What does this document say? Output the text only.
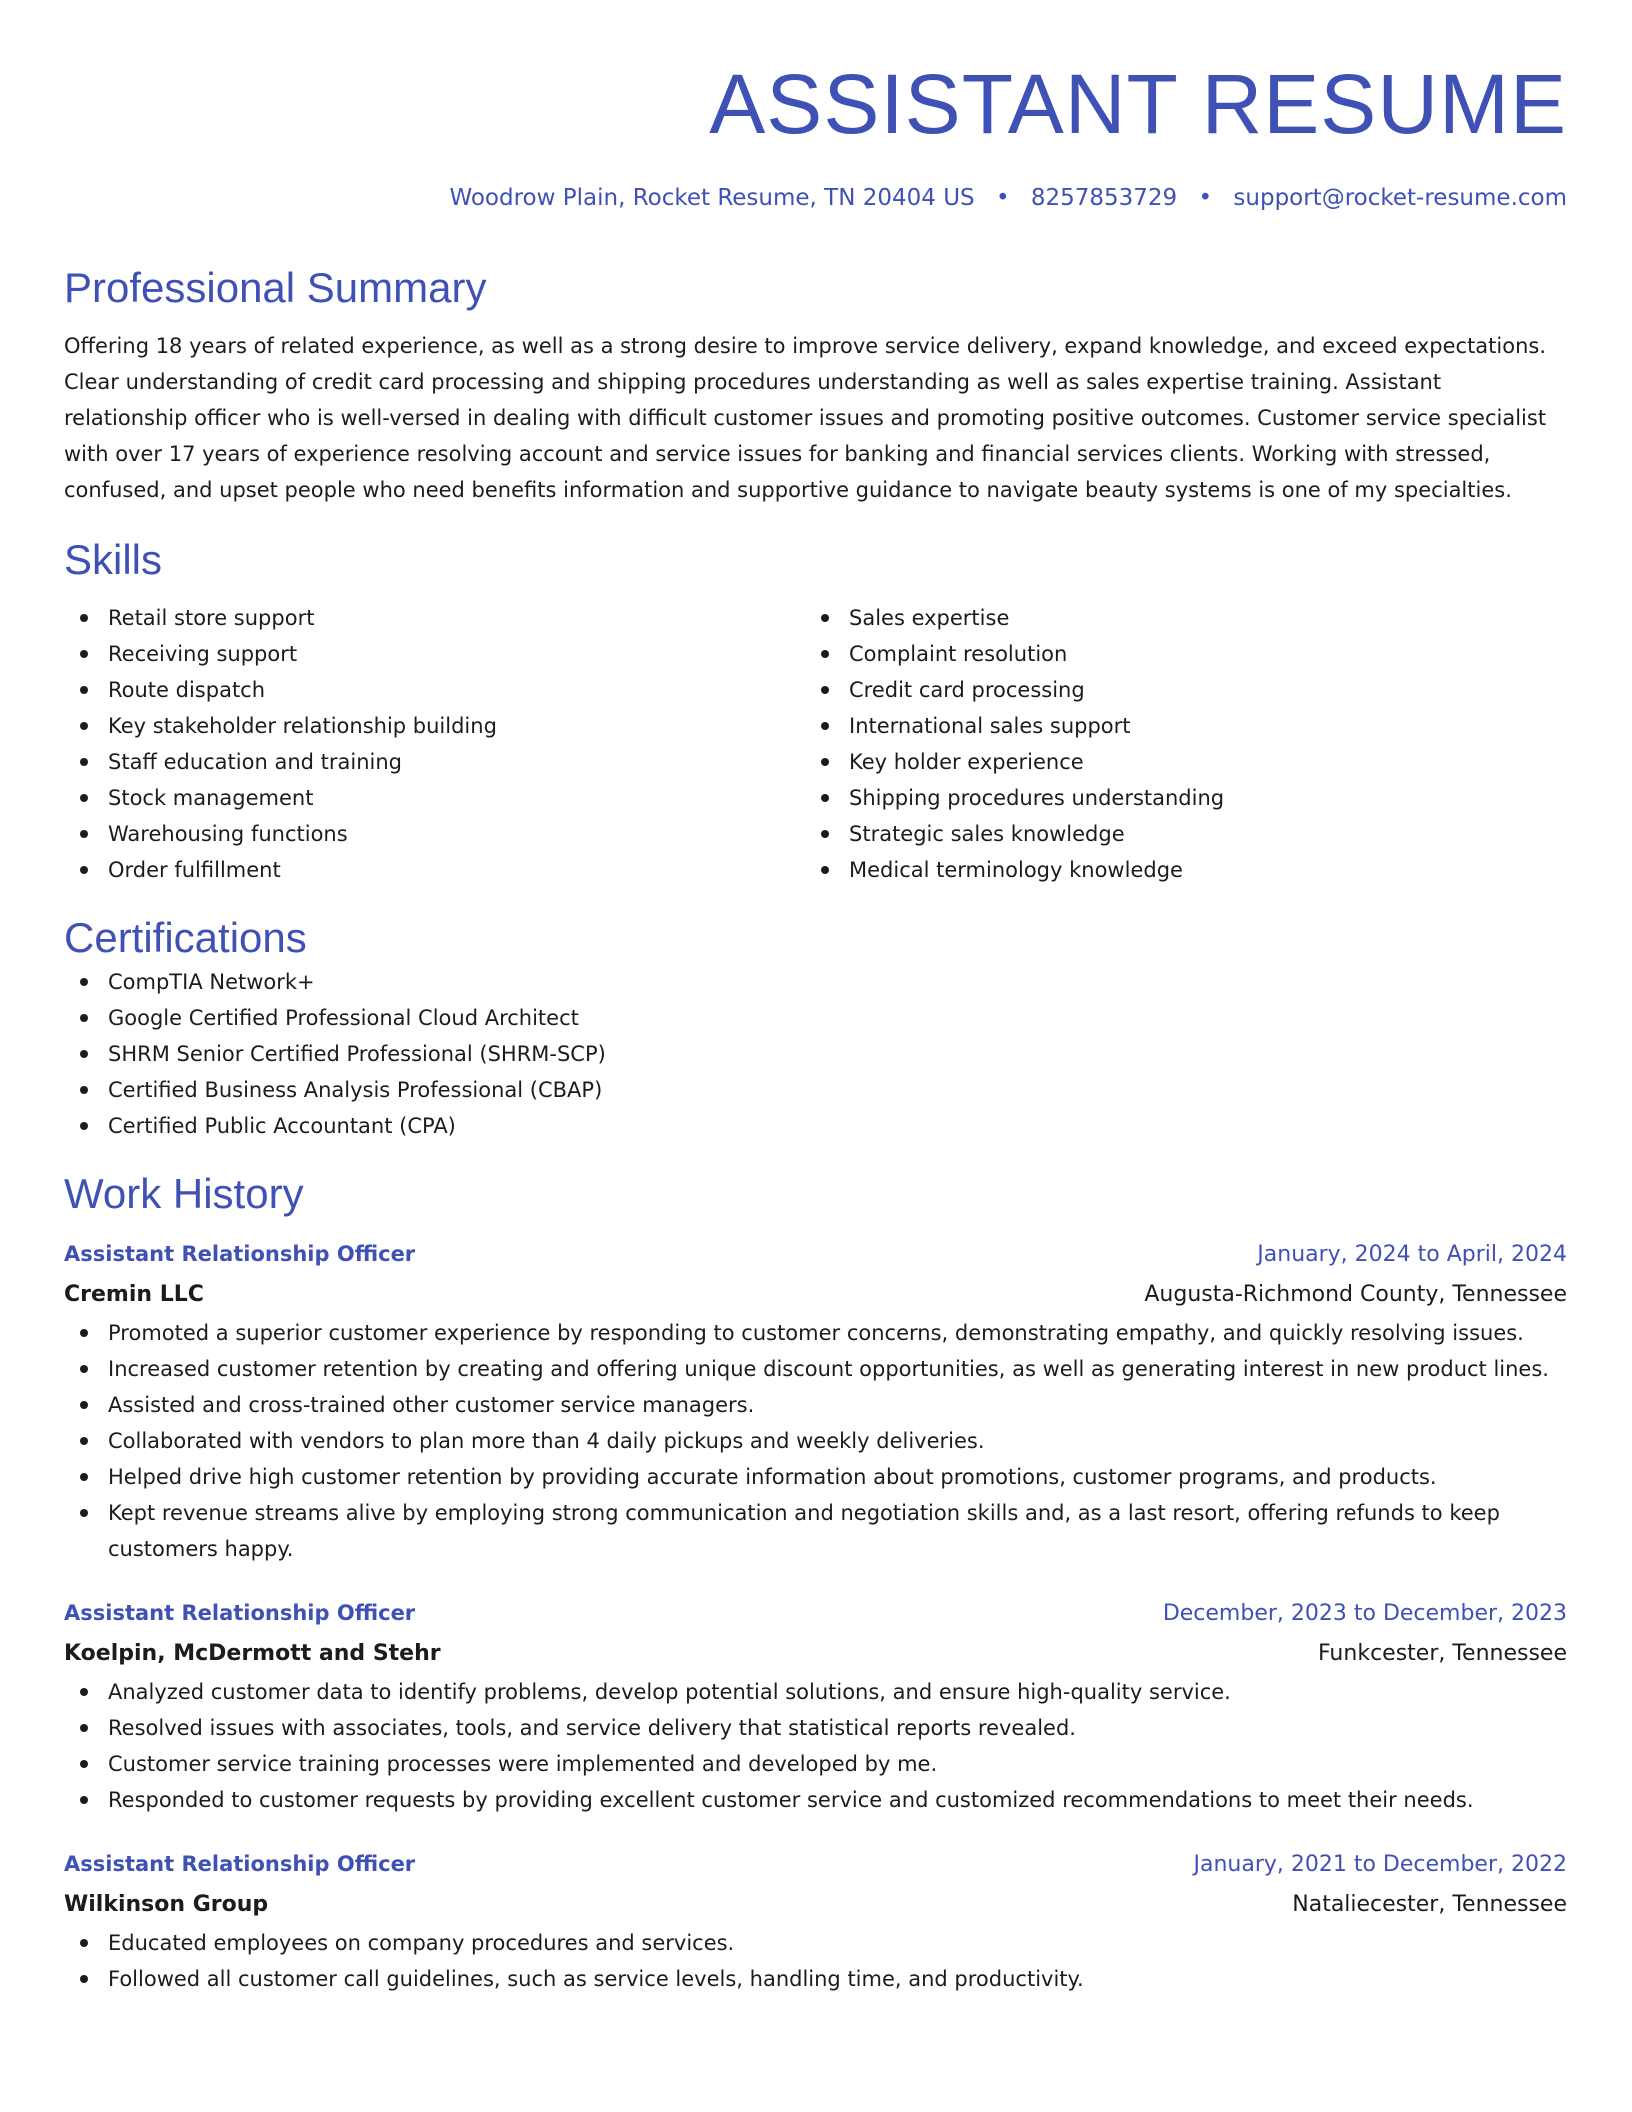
ASSISTANT RESUME
Woodrow Plain, Rocket Resume, TN 20404 US • 8257853729 • support@rocket-resume.com
Professional Summary

Offering 18 years of related experience, as well as a strong desire to improve service delivery, expand knowledge, and exceed expectations. Clear understanding of credit card processing and shipping procedures understanding as well as sales expertise training. Assistant relationship officer who is well-versed in dealing with difficult customer issues and promoting positive outcomes. Customer service specialist with over 17 years of experience resolving account and service issues for banking and financial services clients. Working with stressed, confused, and upset people who need benefits information and supportive guidance to navigate beauty systems is one of my specialties.

Skills
Retail store support
Receiving support
Route dispatch
Key stakeholder relationship building
Staff education and training
Stock management
Warehousing functions
Order fulfillment
Sales expertise
Complaint resolution
Credit card processing
International sales support
Key holder experience
Shipping procedures understanding
Strategic sales knowledge
Medical terminology knowledge
Certifications
CompTIA Network+
Google Certified Professional Cloud Architect
SHRM Senior Certified Professional (SHRM-SCP)
Certified Business Analysis Professional (CBAP)
Certified Public Accountant (CPA)
Work History
Assistant Relationship Officer	January, 2024 to April, 2024
Cremin LLC	Augusta-Richmond County, Tennessee
Promoted a superior customer experience by responding to customer concerns, demonstrating empathy, and quickly resolving issues.
Increased customer retention by creating and offering unique discount opportunities, as well as generating interest in new product lines.
Assisted and cross-trained other customer service managers.
Collaborated with vendors to plan more than 4 daily pickups and weekly deliveries.
Helped drive high customer retention by providing accurate information about promotions, customer programs, and products.
Kept revenue streams alive by employing strong communication and negotiation skills and, as a last resort, offering refunds to keep customers happy.
Assistant Relationship Officer	December, 2023 to December, 2023
Koelpin, McDermott and Stehr	Funkcester, Tennessee
Analyzed customer data to identify problems, develop potential solutions, and ensure high-quality service.
Resolved issues with associates, tools, and service delivery that statistical reports revealed.
Customer service training processes were implemented and developed by me.
Responded to customer requests by providing excellent customer service and customized recommendations to meet their needs.
Assistant Relationship Officer	January, 2021 to December, 2022
Wilkinson Group	Nataliecester, Tennessee
Educated employees on company procedures and services.
Followed all customer call guidelines, such as service levels, handling time, and productivity.
